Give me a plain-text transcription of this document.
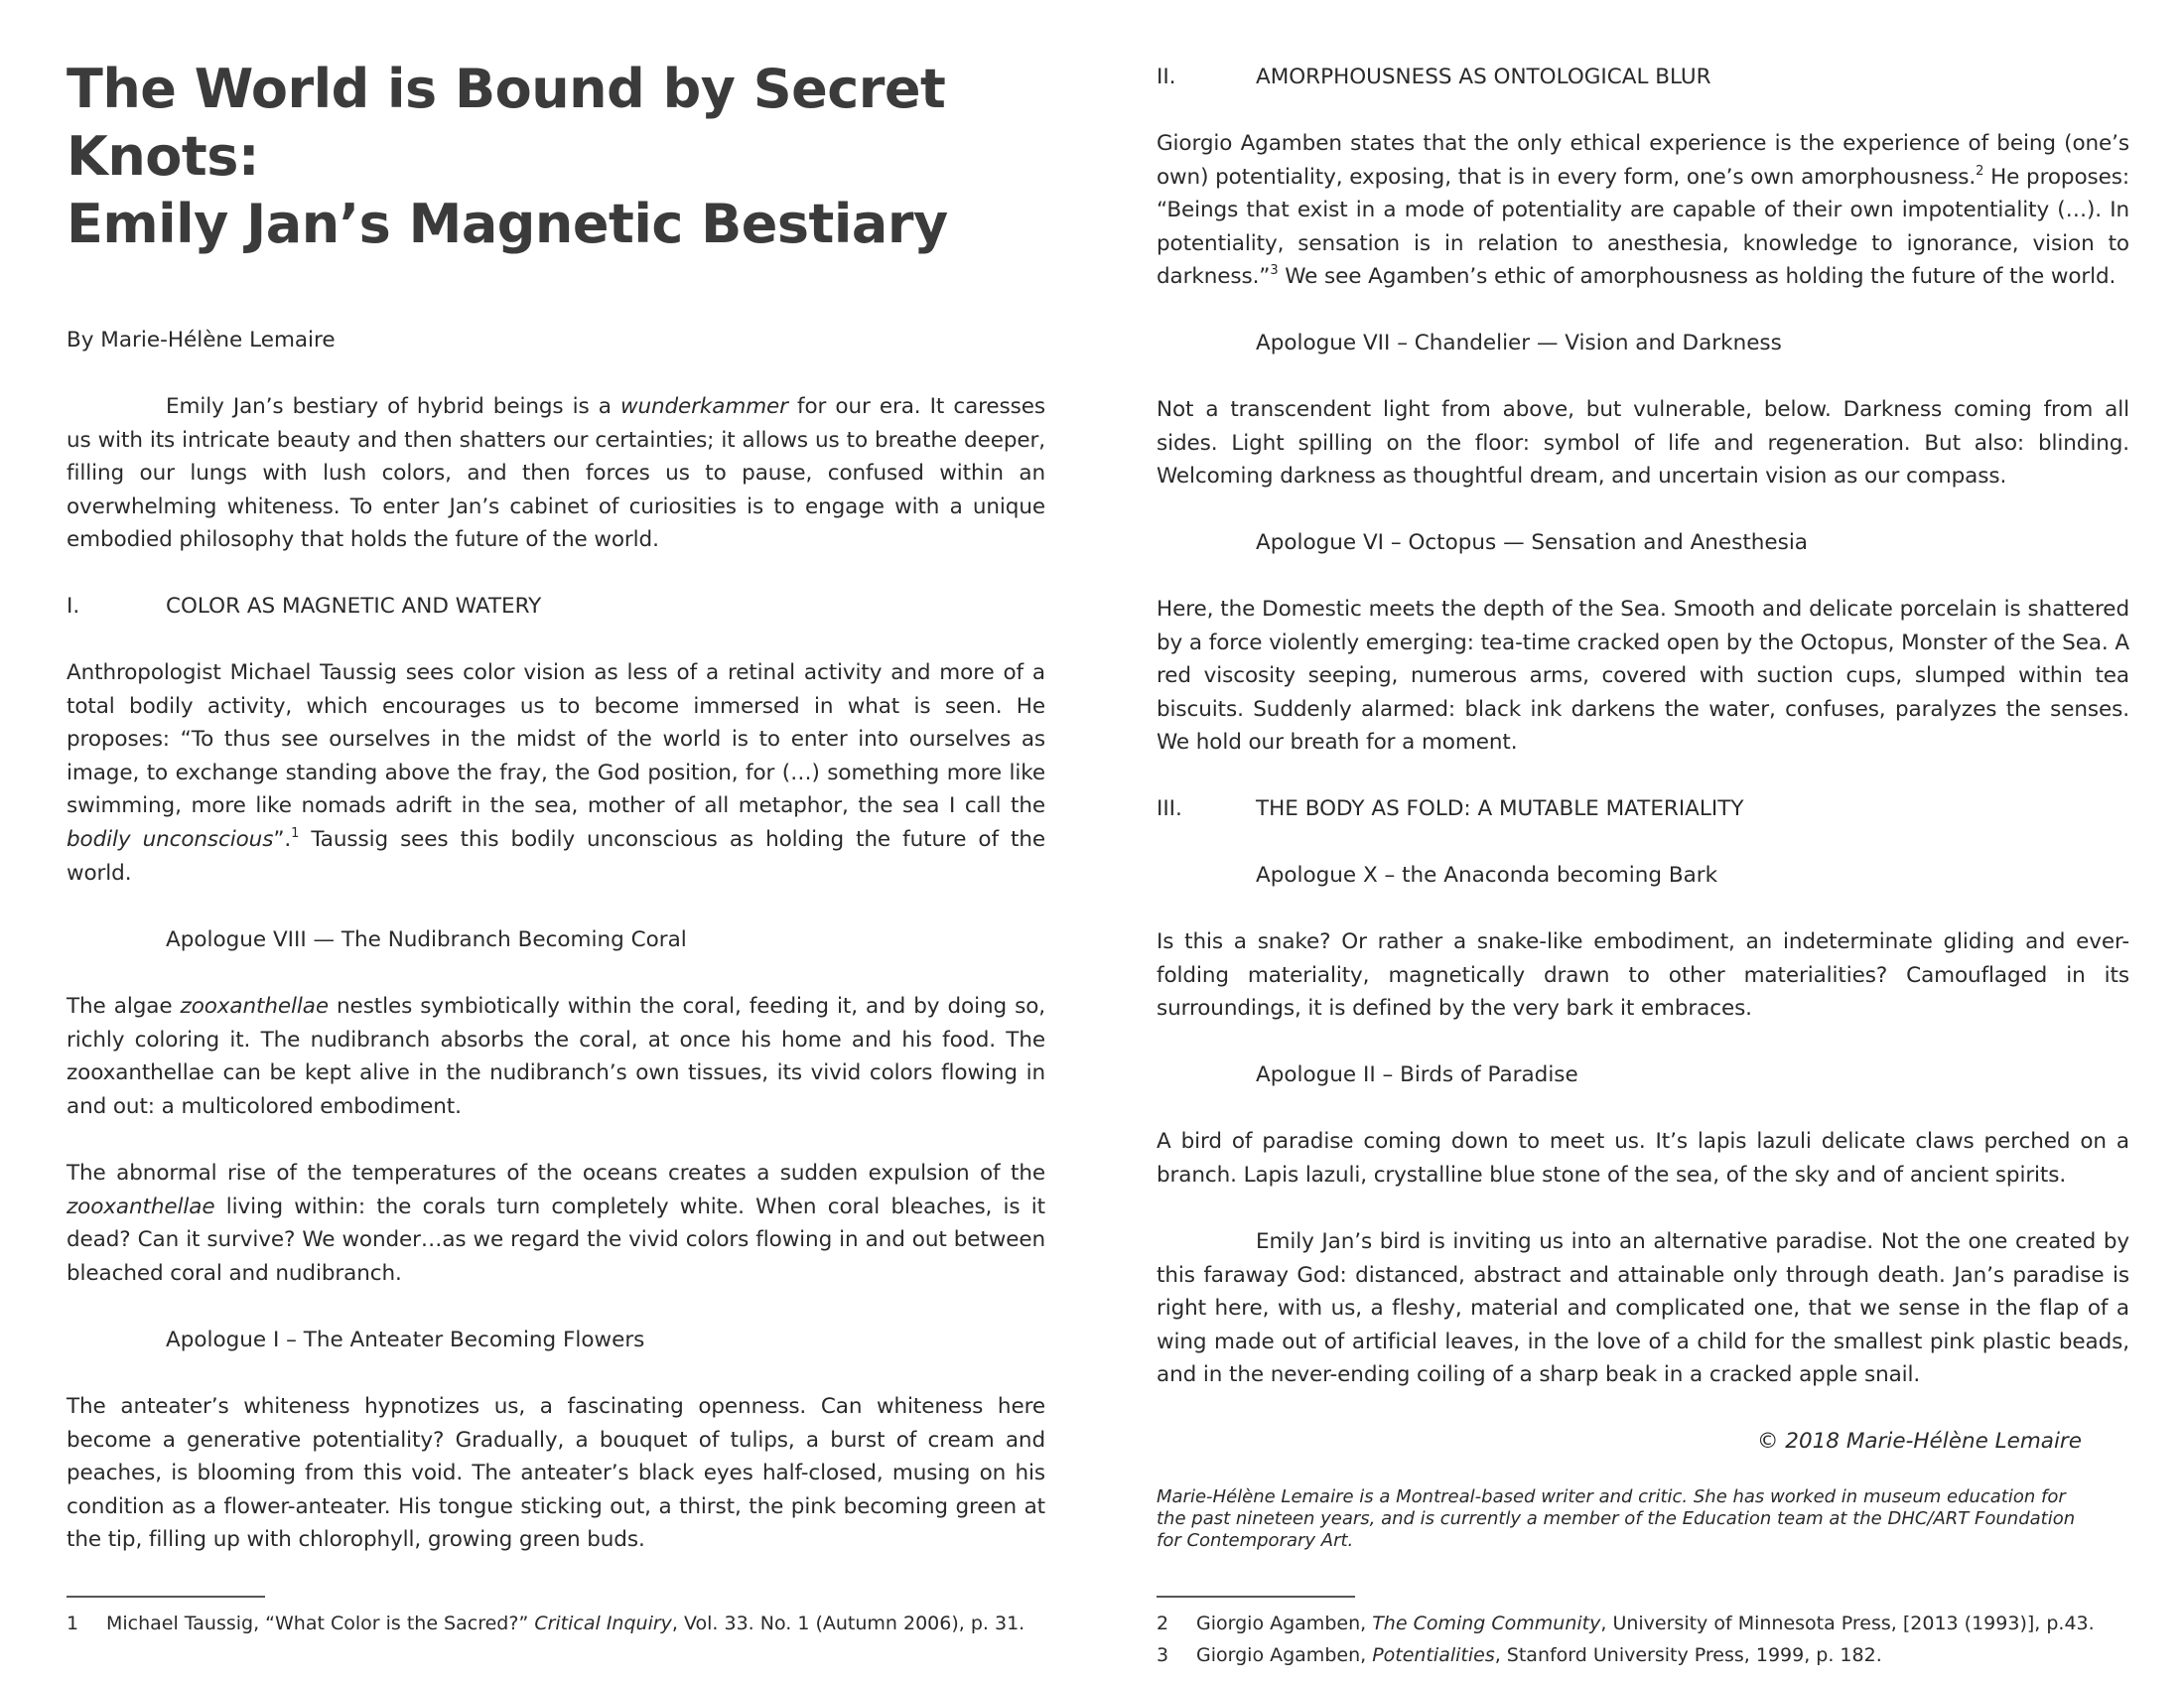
The World is Bound by Secret Knots:
Emily Jan’s Magnetic Bestiary

By Marie-Hélène Lemaire

Emily Jan’s bestiary of hybrid beings is a wunderkammer for our era. It caresses us with its intricate beauty and then shatters our certainties; it allows us to breathe deeper, filling our lungs with lush colors, and then forces us to pause, confused within an overwhelming whiteness. To enter Jan’s cabinet of curiosities is to engage with a unique embodied philosophy that holds the future of the world.

I.	COLOR AS MAGNETIC AND WATERY

Anthropologist Michael Taussig sees color vision as less of a retinal activity and more of a total bodily activity, which encourages us to become immersed in what is seen. He proposes: “To thus see ourselves in the midst of the world is to enter into ourselves as image, to exchange standing above the fray, the God position, for (…) something more like swimming, more like nomads adrift in the sea, mother of all metaphor, the sea I call the bodily unconscious”.$^1$ Taussig sees this bodily unconscious as holding the future of the world.

Apologue VIII — The Nudibranch Becoming Coral

The algae zooxanthellae nestles symbiotically within the coral, feeding it, and by doing so, richly coloring it. The nudibranch absorbs the coral, at once his home and his food. The zooxanthellae can be kept alive in the nudibranch’s own tissues, its vivid colors flowing in and out: a multicolored embodiment.

The abnormal rise of the temperatures of the oceans creates a sudden expulsion of the zooxanthellae living within: the corals turn completely white. When coral bleaches, is it dead? Can it survive? We wonder…as we regard the vivid colors flowing in and out between bleached coral and nudibranch.

Apologue I – The Anteater Becoming Flowers

The anteater’s whiteness hypnotizes us, a fascinating openness. Can whiteness here become a generative potentiality? Gradually, a bouquet of tulips, a burst of cream and peaches, is blooming from this void. The anteater’s black eyes half-closed, musing on his condition as a flower-anteater. His tongue sticking out, a thirst, the pink becoming green at the tip, filling up with chlorophyll, growing green buds.

1 Michael Taussig, “What Color is the Sacred?” Critical Inquiry, Vol. 33. No. 1 (Autumn 2006), p. 31.

II.	AMORPHOUSNESS AS ONTOLOGICAL BLUR

Giorgio Agamben states that the only ethical experience is the experience of being (one’s own) potentiality, exposing, that is in every form, one’s own amorphousness.$^2$ He proposes: “Beings that exist in a mode of potentiality are capable of their own impotentiality (…). In potentiality, sensation is in relation to anesthesia, knowledge to ignorance, vision to darkness.”$^3$ We see Agamben’s ethic of amorphousness as holding the future of the world.

Apologue VII – Chandelier — Vision and Darkness

Not a transcendent light from above, but vulnerable, below. Darkness coming from all sides. Light spilling on the floor: symbol of life and regeneration. But also: blinding. Welcoming darkness as thoughtful dream, and uncertain vision as our compass.

Apologue VI – Octopus — Sensation and Anesthesia

Here, the Domestic meets the depth of the Sea. Smooth and delicate porcelain is shattered by a force violently emerging: tea-time cracked open by the Octopus, Monster of the Sea. A red viscosity seeping, numerous arms, covered with suction cups, slumped within tea biscuits. Suddenly alarmed: black ink darkens the water, confuses, paralyzes the senses. We hold our breath for a moment.

III.	THE BODY AS FOLD: A MUTABLE MATERIALITY

Apologue X – the Anaconda becoming Bark

Is this a snake? Or rather a snake-like embodiment, an indeterminate gliding and ever-folding materiality, magnetically drawn to other materialities? Camouflaged in its surroundings, it is defined by the very bark it embraces.

Apologue II – Birds of Paradise

A bird of paradise coming down to meet us. It’s lapis lazuli delicate claws perched on a branch. Lapis lazuli, crystalline blue stone of the sea, of the sky and of ancient spirits.

Emily Jan’s bird is inviting us into an alternative paradise. Not the one created by this faraway God: distanced, abstract and attainable only through death. Jan’s paradise is right here, with us, a fleshy, material and complicated one, that we sense in the flap of a wing made out of artificial leaves, in the love of a child for the smallest pink plastic beads, and in the never-ending coiling of a sharp beak in a cracked apple snail.

© 2018 Marie-Hélène Lemaire

Marie-Hélène Lemaire is a Montreal-based writer and critic. She has worked in museum education for the past nineteen years, and is currently a member of the Education team at the DHC/ART Foundation for Contemporary Art.

2 Giorgio Agamben, The Coming Community, University of Minnesota Press, [2013 (1993)], p.43.

3 Giorgio Agamben, Potentialities, Stanford University Press, 1999, p. 182.
